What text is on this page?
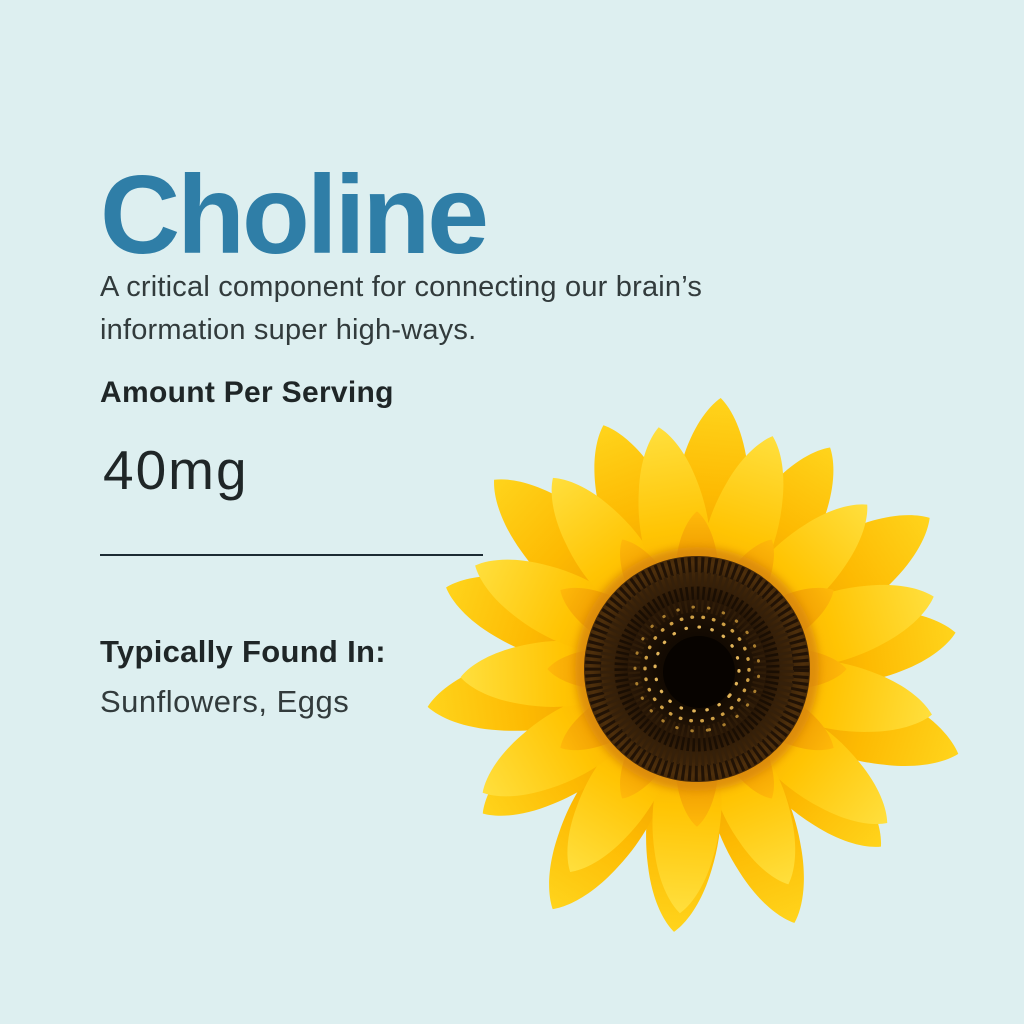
Choline

A critical component for connecting our brain’s
information super high-ways.

Amount Per Serving
40mg
Typically Found In:
Sunflowers, Eggs
